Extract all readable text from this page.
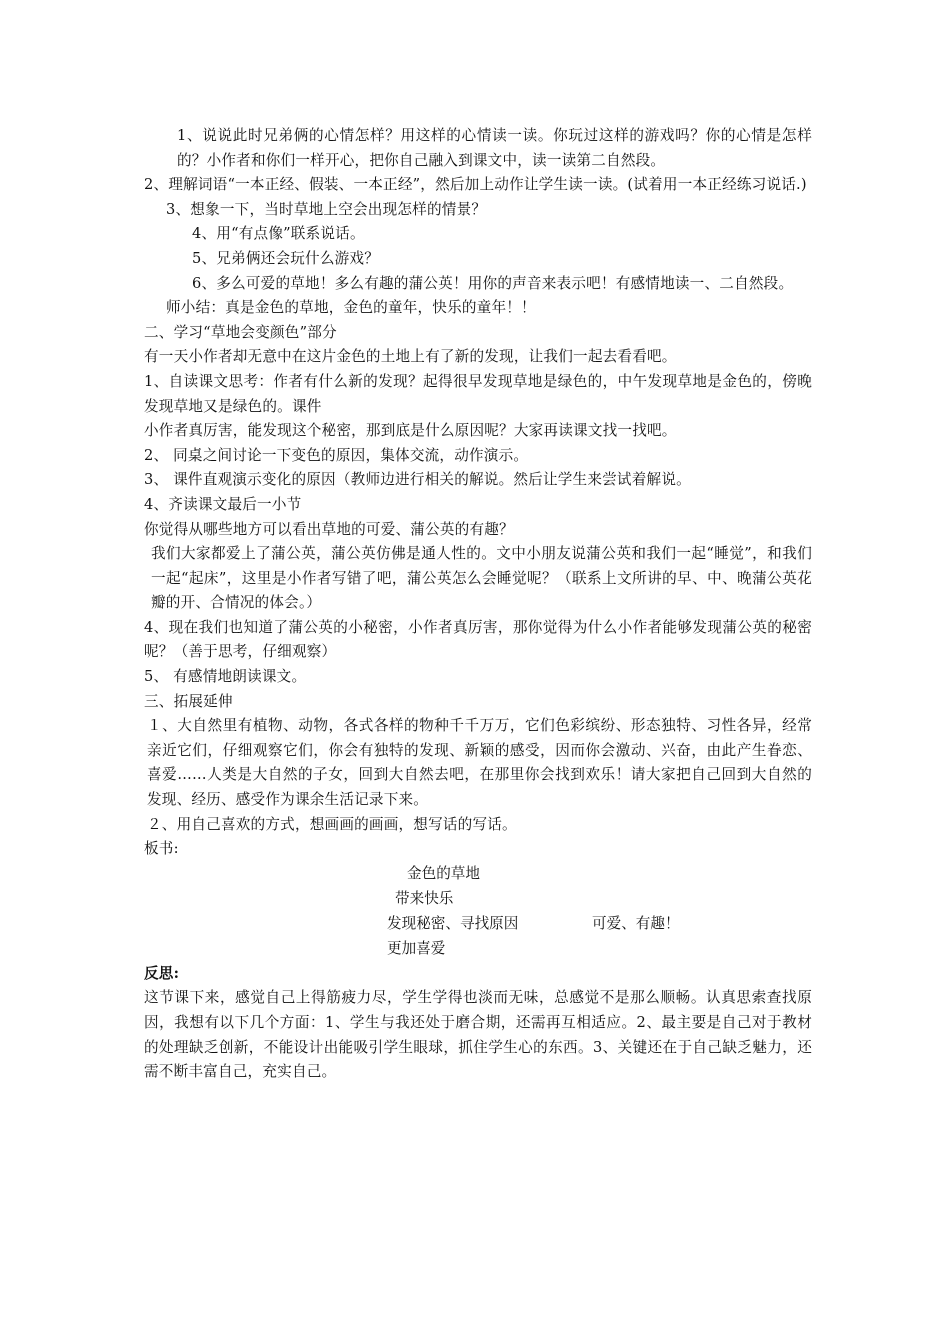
1、说说此时兄弟俩的心情怎样？用这样的心情读一读。你玩过这样的游戏吗？你的心情是怎样的？小作者和你们一样开心，把你自己融入到课文中，读一读第二自然段。
2、理解词语“一本正经、假装、一本正经”，然后加上动作让学生读一读。(试着用一本正经练习说话.)
3、想象一下，当时草地上空会出现怎样的情景？
4、用“有点像”联系说话。
5、兄弟俩还会玩什么游戏？
6、多么可爱的草地！多么有趣的蒲公英！用你的声音来表示吧！有感情地读一、二自然段。
师小结：真是金色的草地，金色的童年，快乐的童年！！
二、学习“草地会变颜色”部分
有一天小作者却无意中在这片金色的土地上有了新的发现，让我们一起去看看吧。
1、自读课文思考：作者有什么新的发现？起得很早发现草地是绿色的，中午发现草地是金色的，傍晚发现草地又是绿色的。课件
小作者真厉害，能发现这个秘密，那到底是什么原因呢？大家再读课文找一找吧。
2、 同桌之间讨论一下变色的原因，集体交流，动作演示。
3、 课件直观演示变化的原因（教师边进行相关的解说。然后让学生来尝试着解说。
4、齐读课文最后一小节
你觉得从哪些地方可以看出草地的可爱、蒲公英的有趣？
我们大家都爱上了蒲公英，蒲公英仿佛是通人性的。文中小朋友说蒲公英和我们一起“睡觉”，和我们一起“起床”，这里是小作者写错了吧，蒲公英怎么会睡觉呢？（联系上文所讲的早、中、晚蒲公英花瓣的开、合情况的体会。）
4、现在我们也知道了蒲公英的小秘密，小作者真厉害，那你觉得为什么小作者能够发现蒲公英的秘密呢？（善于思考，仔细观察）
5、 有感情地朗读课文。
三、拓展延伸
１、大自然里有植物、动物，各式各样的物种千千万万，它们色彩缤纷、形态独特、习性各异，经常亲近它们，仔细观察它们，你会有独特的发现、新颖的感受，因而你会激动、兴奋，由此产生眷恋、喜爱……人类是大自然的子女，回到大自然去吧，在那里你会找到欢乐！请大家把自己回到大自然的发现、经历、感受作为课余生活记录下来。
２、用自己喜欢的方式，想画画的画画，想写话的写话。
板书:
金色的草地
带来快乐
发现秘密、寻找原因	可爱、有趣！
更加喜爱
反思:
这节课下来，感觉自己上得筋疲力尽，学生学得也淡而无味，总感觉不是那么顺畅。认真思索查找原因，我想有以下几个方面：1、学生与我还处于磨合期，还需再互相适应。2、最主要是自己对于教材的处理缺乏创新，不能设计出能吸引学生眼球，抓住学生心的东西。3、关键还在于自己缺乏魅力，还需不断丰富自己，充实自己。
